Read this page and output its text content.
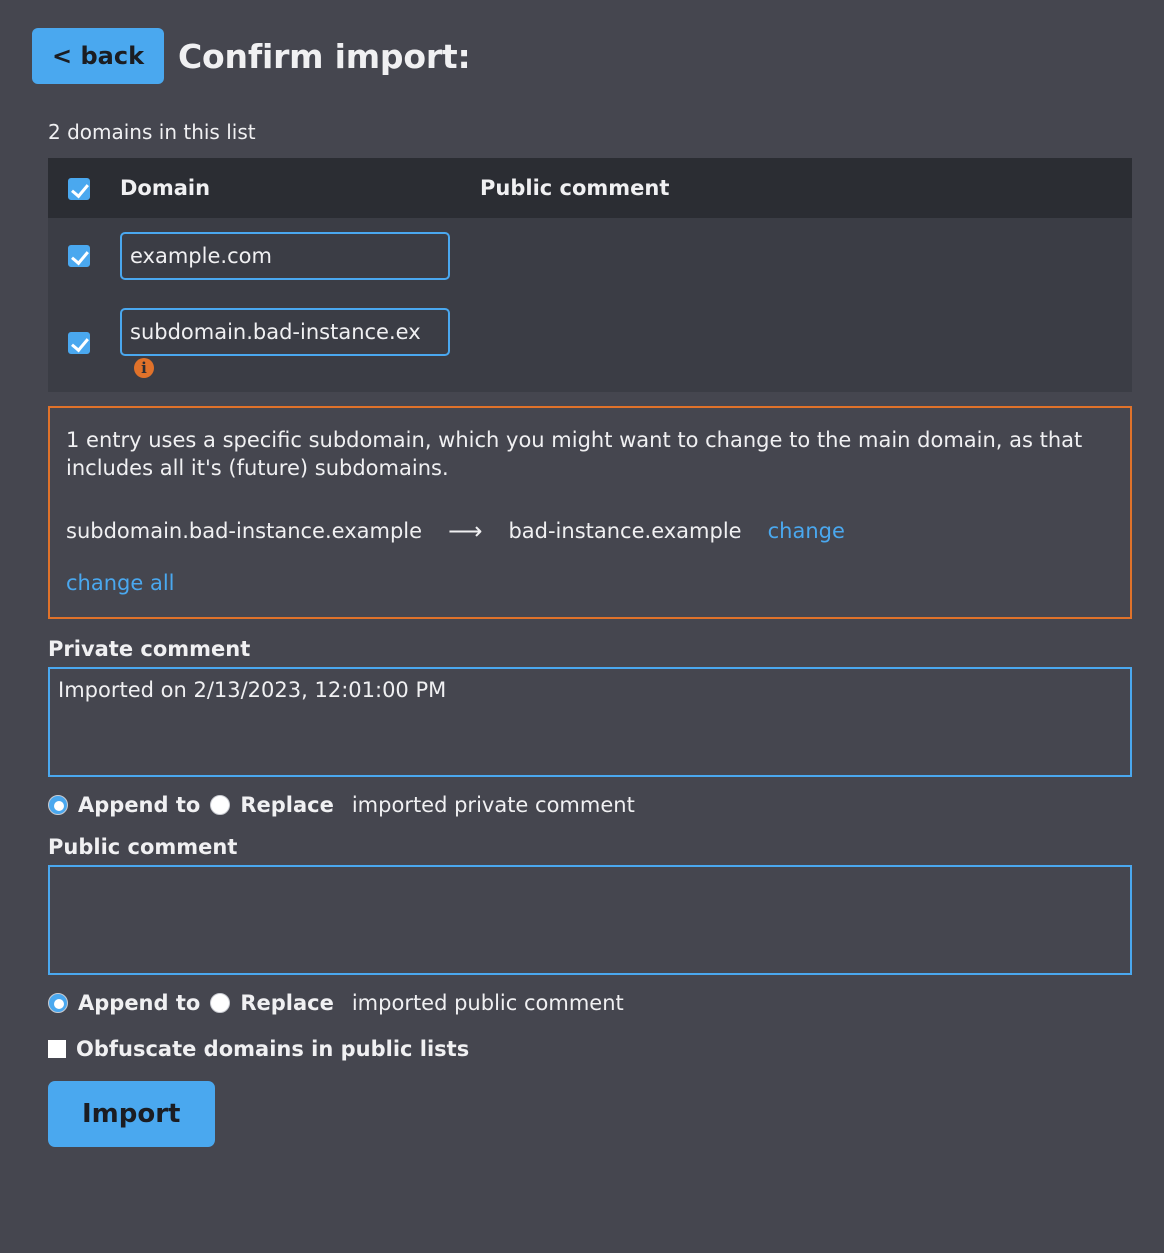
< back	Confirm import:
2 domains in this list
	Domain	Public comment
	example.com	
	subdomain.bad-instance.ex i	

1 entry uses a specific subdomain, which you might want to change to the main domain, as that includes all it's (future) subdomains.

subdomain.bad-instance.example ⟶ bad-instance.example change
change all
Private comment
Imported on 2/13/2023, 12:01:00 PM
Append to Replace imported private comment
Public comment
Append to Replace imported public comment
Obfuscate domains in public lists
Import
